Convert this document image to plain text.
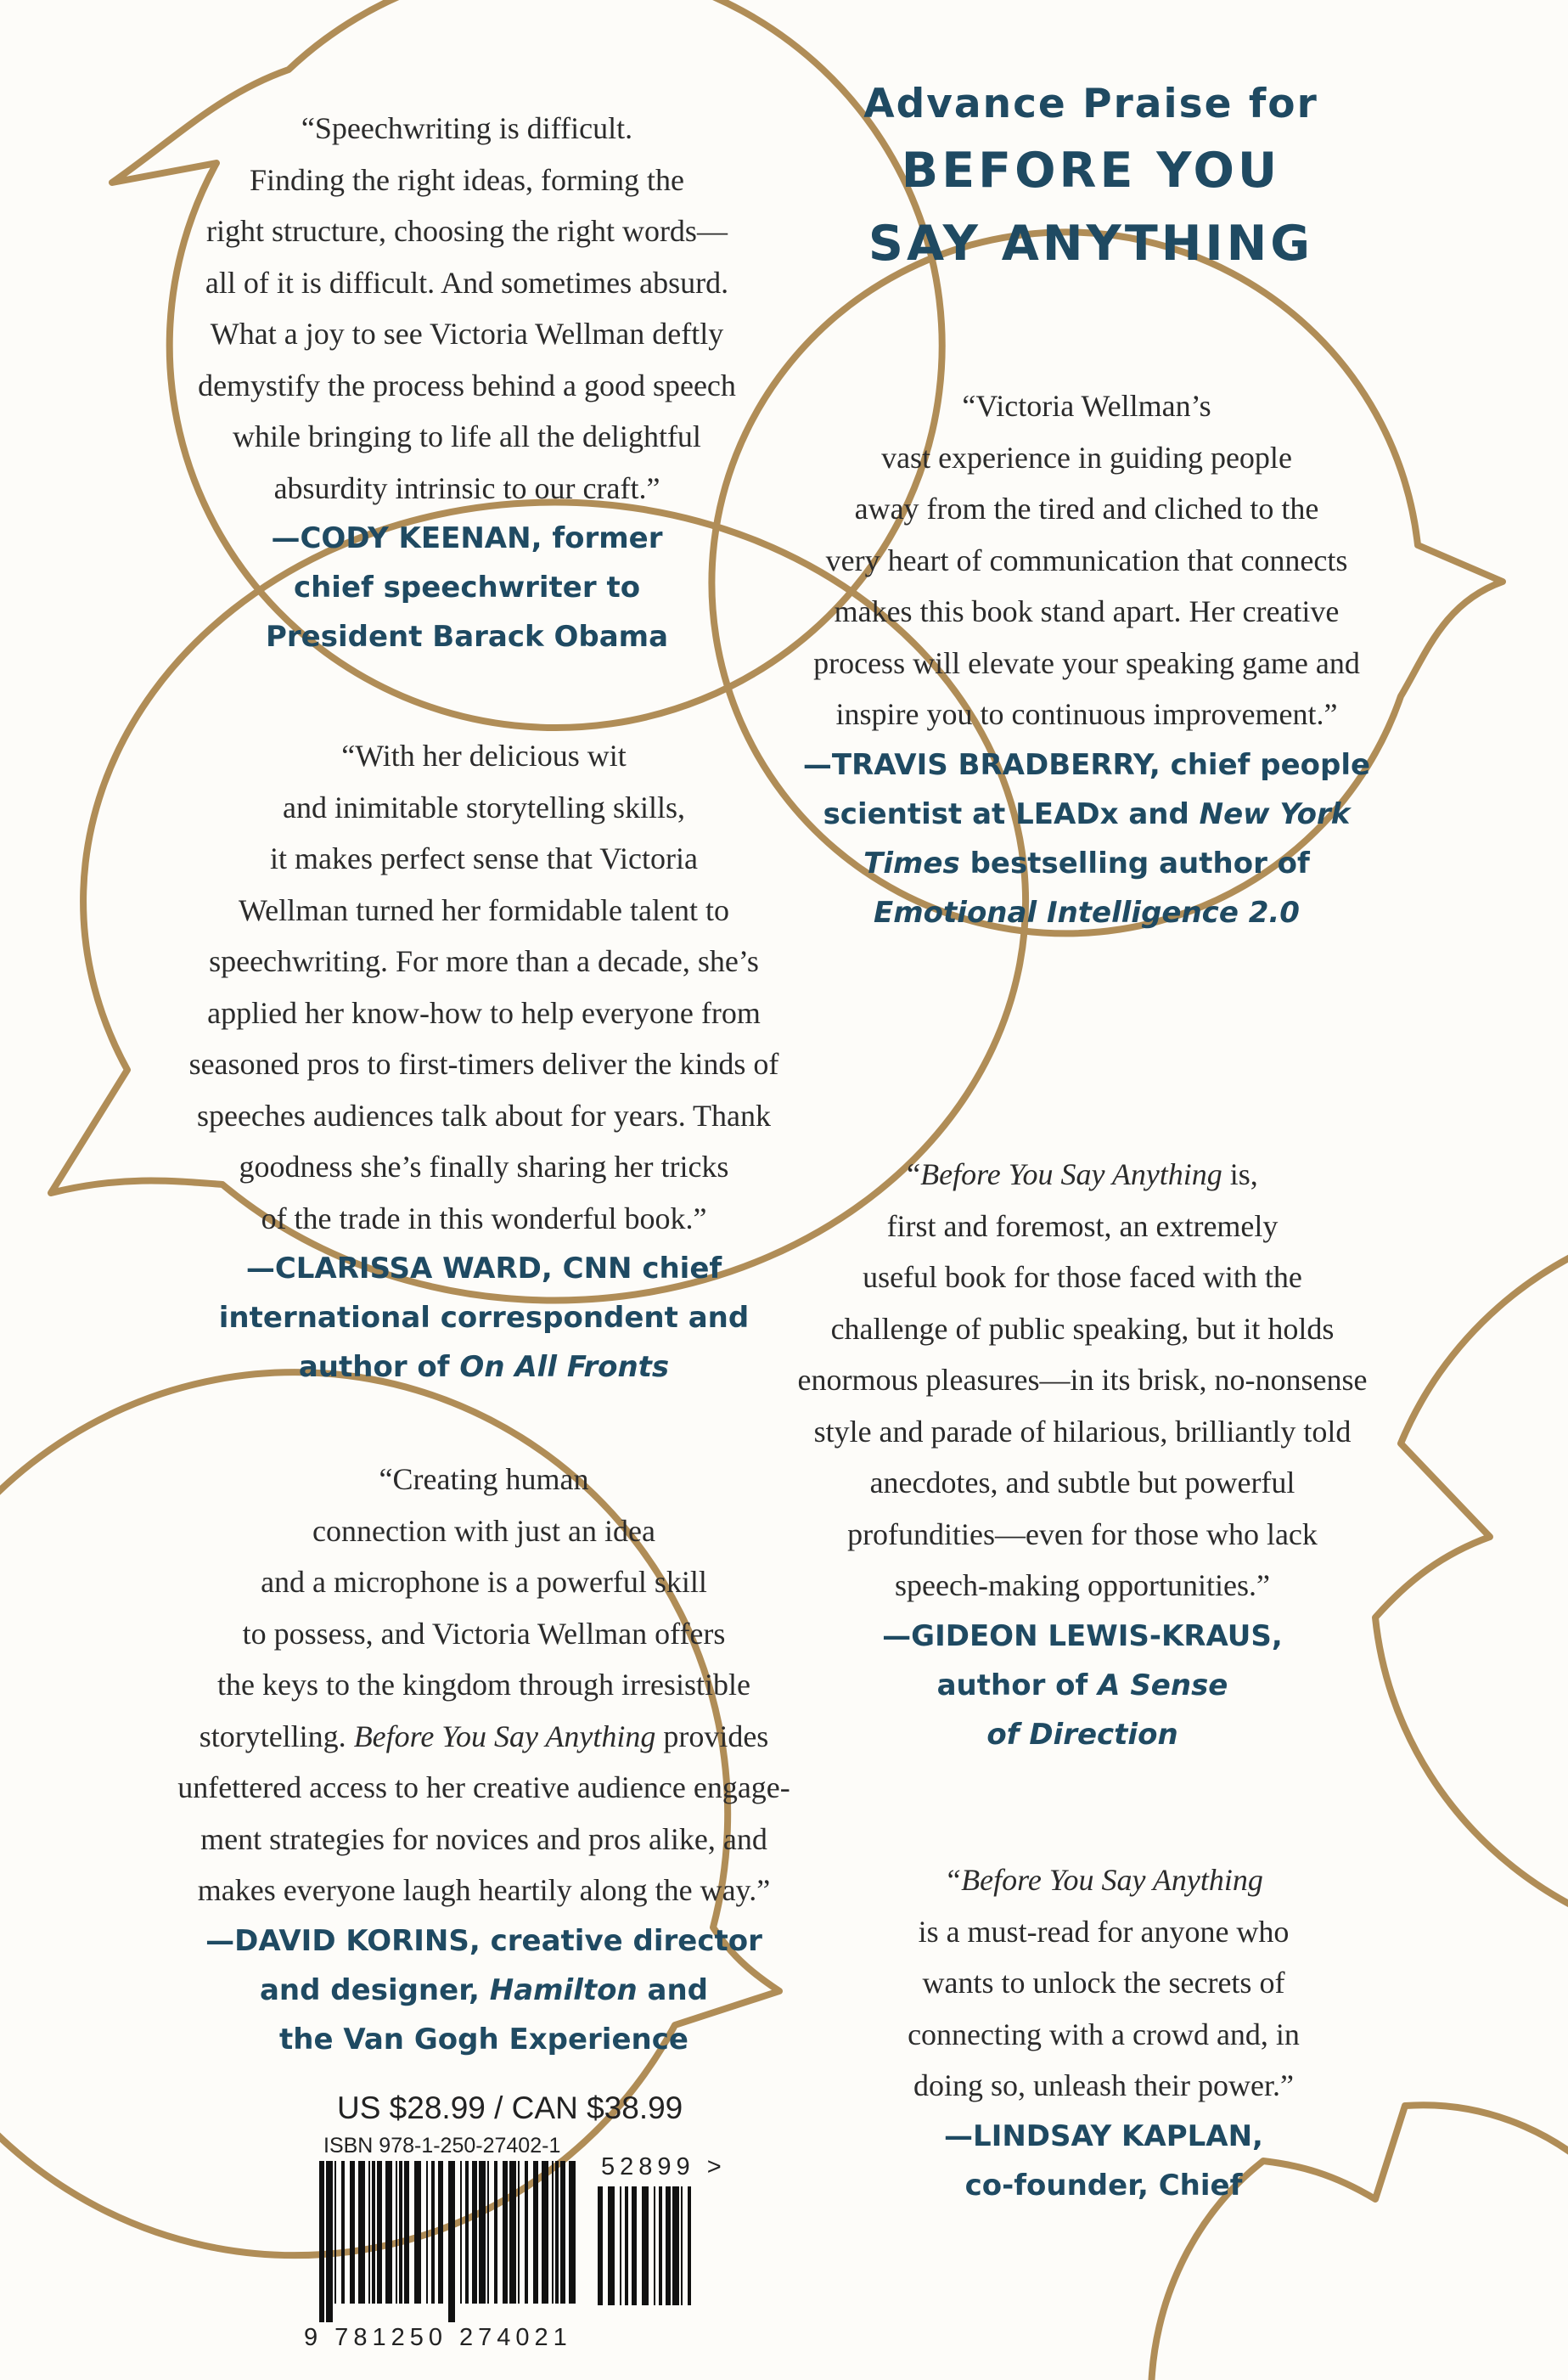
Advance Praise for
BEFORE YOU
SAY ANYTHING
“Speechwriting is difficult.
Finding the right ideas, forming the
right structure, choosing the right words—
all of it is difficult. And sometimes absurd.
What a joy to see Victoria Wellman deftly
demystify the process behind a good speech
while bringing to life all the delightful
absurdity intrinsic to our craft.”
—CODY KEENAN, former
chief speechwriter to
President Barack Obama
“Victoria Wellman’s
vast experience in guiding people
away from the tired and cliched to the
very heart of communication that connects
makes this book stand apart. Her creative
process will elevate your speaking game and
inspire you to continuous improvement.”
—TRAVIS BRADBERRY, chief people
scientist at LEADx and New York
Times bestselling author of
Emotional Intelligence 2.0
“With her delicious wit
and inimitable storytelling skills,
it makes perfect sense that Victoria
Wellman turned her formidable talent to
speechwriting. For more than a decade, she’s
applied her know-how to help everyone from
seasoned pros to first-timers deliver the kinds of
speeches audiences talk about for years. Thank
goodness she’s finally sharing her tricks
of the trade in this wonderful book.”
—CLARISSA WARD, CNN chief
international correspondent and
author of On All Fronts
“Before You Say Anything is,
first and foremost, an extremely
useful book for those faced with the
challenge of public speaking, but it holds
enormous pleasures—in its brisk, no-nonsense
style and parade of hilarious, brilliantly told
anecdotes, and subtle but powerful
profundities—even for those who lack
speech-making opportunities.”
—GIDEON LEWIS-KRAUS,
author of A Sense
of Direction
“Creating human
connection with just an idea
and a microphone is a powerful skill
to possess, and Victoria Wellman offers
the keys to the kingdom through irresistible
storytelling. Before You Say Anything provides
unfettered access to her creative audience engage-
ment strategies for novices and pros alike, and
makes everyone laugh heartily along the way.”
—DAVID KORINS, creative director
and designer, Hamilton and
the Van Gogh Experience
“Before You Say Anything
is a must-read for anyone who
wants to unlock the secrets of
connecting with a crowd and, in
doing so, unleash their power.”
—LINDSAY KAPLAN,
co-founder, Chief
US $28.99 / CAN $38.99
ISBN 978-1-250-27402-1
52899 >
9 781250 274021
